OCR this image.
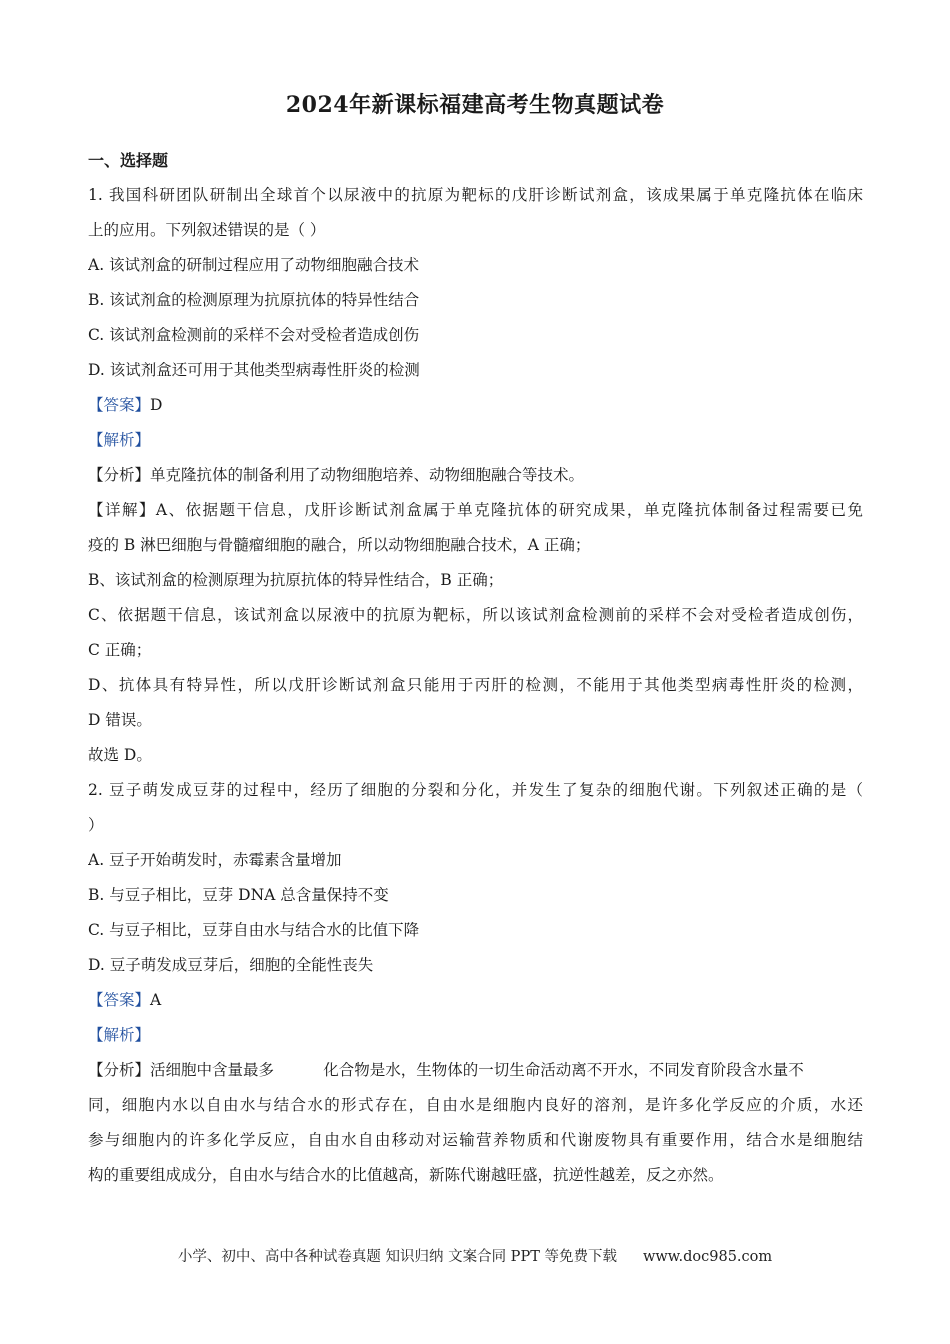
2024年新课标福建高考生物真题试卷
一、选择题
1. 我国科研团队研制出全球首个以尿液中的抗原为靶标的戊肝诊断试剂盒，该成果属于单克隆抗体在临床
上的应用。下列叙述错误的是（ ）
A. 该试剂盒的研制过程应用了动物细胞融合技术
B. 该试剂盒的检测原理为抗原抗体的特异性结合
C. 该试剂盒检测前的采样不会对受检者造成创伤
D. 该试剂盒还可用于其他类型病毒性肝炎的检测
【答案】D
【解析】
【分析】单克隆抗体的制备利用了动物细胞培养、动物细胞融合等技术。
【详解】A、依据题干信息，戊肝诊断试剂盒属于单克隆抗体的研究成果，单克隆抗体制备过程需要已免
疫的 B 淋巴细胞与骨髓瘤细胞的融合，所以动物细胞融合技术，A 正确；
B、该试剂盒的检测原理为抗原抗体的特异性结合，B 正确；
C、依据题干信息，该试剂盒以尿液中的抗原为靶标，所以该试剂盒检测前的采样不会对受检者造成创伤，
C 正确；
D、抗体具有特异性，所以戊肝诊断试剂盒只能用于丙肝的检测，不能用于其他类型病毒性肝炎的检测，
D 错误。
故选 D。
2. 豆子萌发成豆芽的过程中，经历了细胞的分裂和分化，并发生了复杂的细胞代谢。下列叙述正确的是（
）
A. 豆子开始萌发时，赤霉素含量增加
B. 与豆子相比，豆芽 DNA 总含量保持不变
C. 与豆子相比，豆芽自由水与结合水的比值下降
D. 豆子萌发成豆芽后，细胞的全能性丧失
【答案】A
【解析】
【分析】活细胞中含量最多          化合物是水，生物体的一切生命活动离不开水，不同发育阶段含水量不
同，细胞内水以自由水与结合水的形式存在，自由水是细胞内良好的溶剂，是许多化学反应的介质，水还
参与细胞内的许多化学反应，自由水自由移动对运输营养物质和代谢废物具有重要作用，结合水是细胞结
构的重要组成成分，自由水与结合水的比值越高，新陈代谢越旺盛，抗逆性越差，反之亦然。
小学、初中、高中各种试卷真题 知识归纳 文案合同 PPT 等免费下载 www.doc985.com
